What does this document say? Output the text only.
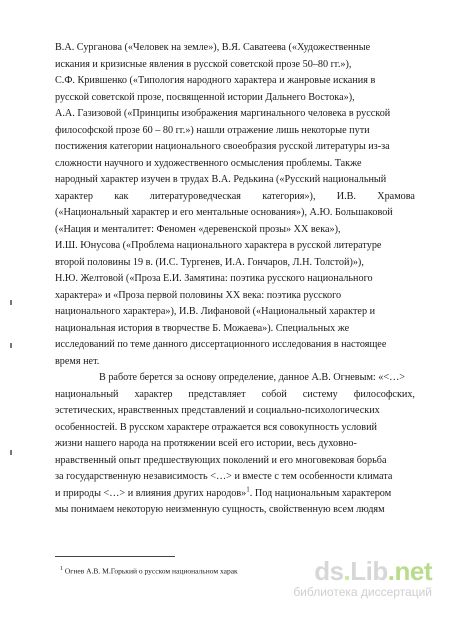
В.А. Сурганова («Человек на земле»), В.Я. Саватеева («Художественные
искания и кризисные явления в русской советской прозе 50–80 гг.»),
С.Ф. Крившенко («Типология народного характера и жанровые искания в
русской советской прозе, посвященной истории Дальнего Востока»),
А.А. Газизовой («Принципы изображения маргинального человека в русской
философской прозе 60 – 80 гг.») нашли отражение лишь некоторые пути
постижения категории национального своеобразия русской литературы из-за
сложности научного и художественного осмысления проблемы. Также
народный характер изучен в трудах В.А. Редькина («Русский национальный
характер как литературоведческая категория»), И.В. Храмова
(«Национальный характер и его ментальные основания»), А.Ю. Большаковой
(«Нация и менталитет: Феномен «деревенской прозы» XX века»),
И.Ш. Юнусова («Проблема национального характера в русской литературе
второй половины 19 в. (И.С. Тургенев, И.А. Гончаров, Л.Н. Толстой)»),
Н.Ю. Желтовой («Проза Е.И. Замятина: поэтика русского национального
характера» и «Проза первой половины XX века: поэтика русского
национального характера»), И.В. Лифановой («Национальный характер и
национальная история в творчестве Б. Можаева»). Специальных же
исследований по теме данного диссертационного исследования в настоящее
время нет.
В работе берется за основу определение, данное А.В. Огневым: «<…>
национальный характер представляет собой систему философских,
эстетических, нравственных представлений и социально-психологических
особенностей. В русском характере отражается вся совокупность условий
жизни нашего народа на протяжении всей его истории, весь духовно-
нравственный опыт предшествующих поколений и его многовековая борьба
за государственную независимость <…> и вместе с тем особенности климата
и природы <…> и влияния других народов»$^1$. Под национальным характером
мы понимаем некоторую неизменную сущность, свойственную всем людям
$^1$ Огнев А.В. М.Горький о русском национальном харак	ds.Lib.net
библиотека диссертаций
